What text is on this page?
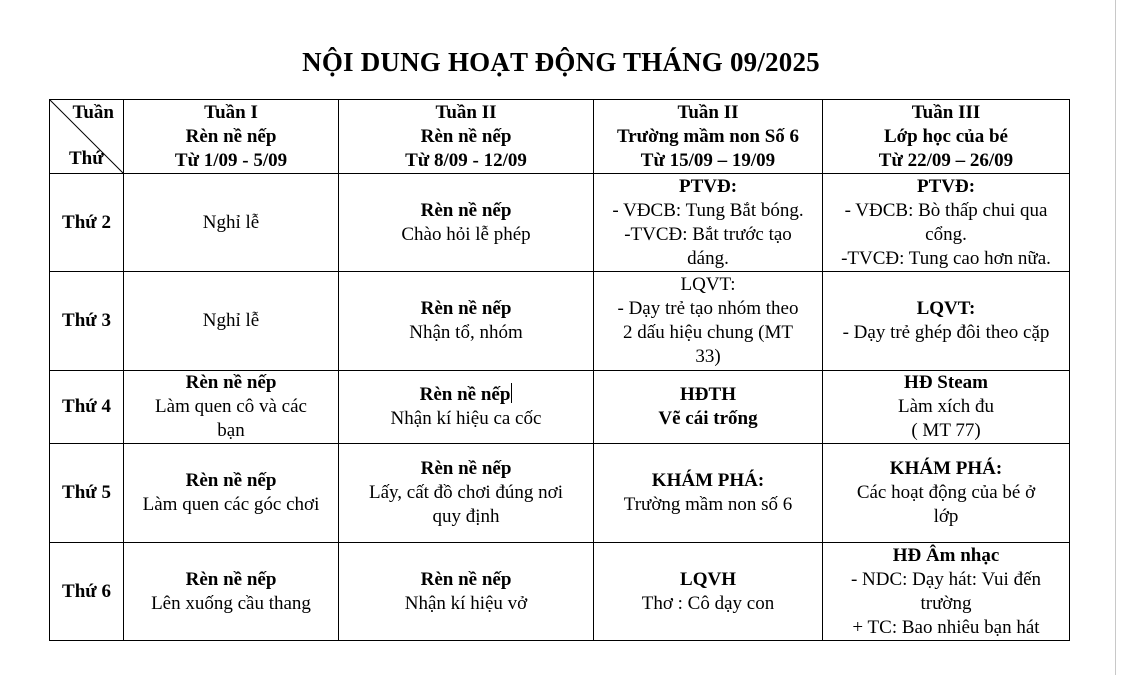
NỘI DUNG HOẠT ĐỘNG THÁNG 09/2025
Tuần
Thứ	Tuần I
Rèn nề nếp
Từ 1/09 - 5/09	Tuần II
Rèn nề nếp
Từ 8/09 - 12/09	Tuần II
Trường mầm non Số 6
Từ 15/09 – 19/09	Tuần III
Lớp học của bé
Từ 22/09 – 26/09

Thứ 2	Nghỉ lễ	Rèn nề nếp
Chào hỏi lễ phép	PTVĐ:
- VĐCB: Tung Bắt bóng.
-TVCĐ: Bắt trước tạo
dáng.	PTVĐ:
- VĐCB: Bò thấp chui qua
cổng.
-TVCĐ: Tung cao hơn nữa.

Thứ 3	Nghỉ lễ	Rèn nề nếp
Nhận tổ, nhóm	LQVT:
- Dạy trẻ tạo nhóm theo
2 dấu hiệu chung (MT
33)	LQVT:
- Dạy trẻ ghép đôi theo cặp

Thứ 4	Rèn nề nếp
Làm quen cô và các
bạn	Rèn nề nếp
Nhận kí hiệu ca cốc	HĐTH
Vẽ cái trống	HĐ Steam
Làm xích đu
( MT 77)

Thứ 5	Rèn nề nếp
Làm quen các góc chơi	Rèn nề nếp
Lấy, cất đồ chơi đúng nơi
quy định	KHÁM PHÁ:
Trường mầm non số 6	KHÁM PHÁ:
Các hoạt động của bé ở
lớp

Thứ 6	Rèn nề nếp
Lên xuống cầu thang	Rèn nề nếp
Nhận kí hiệu vở	LQVH
Thơ : Cô dạy con	HĐ Âm nhạc
- NDC: Dạy hát: Vui đến
trường
+ TC: Bao nhiêu bạn hát
